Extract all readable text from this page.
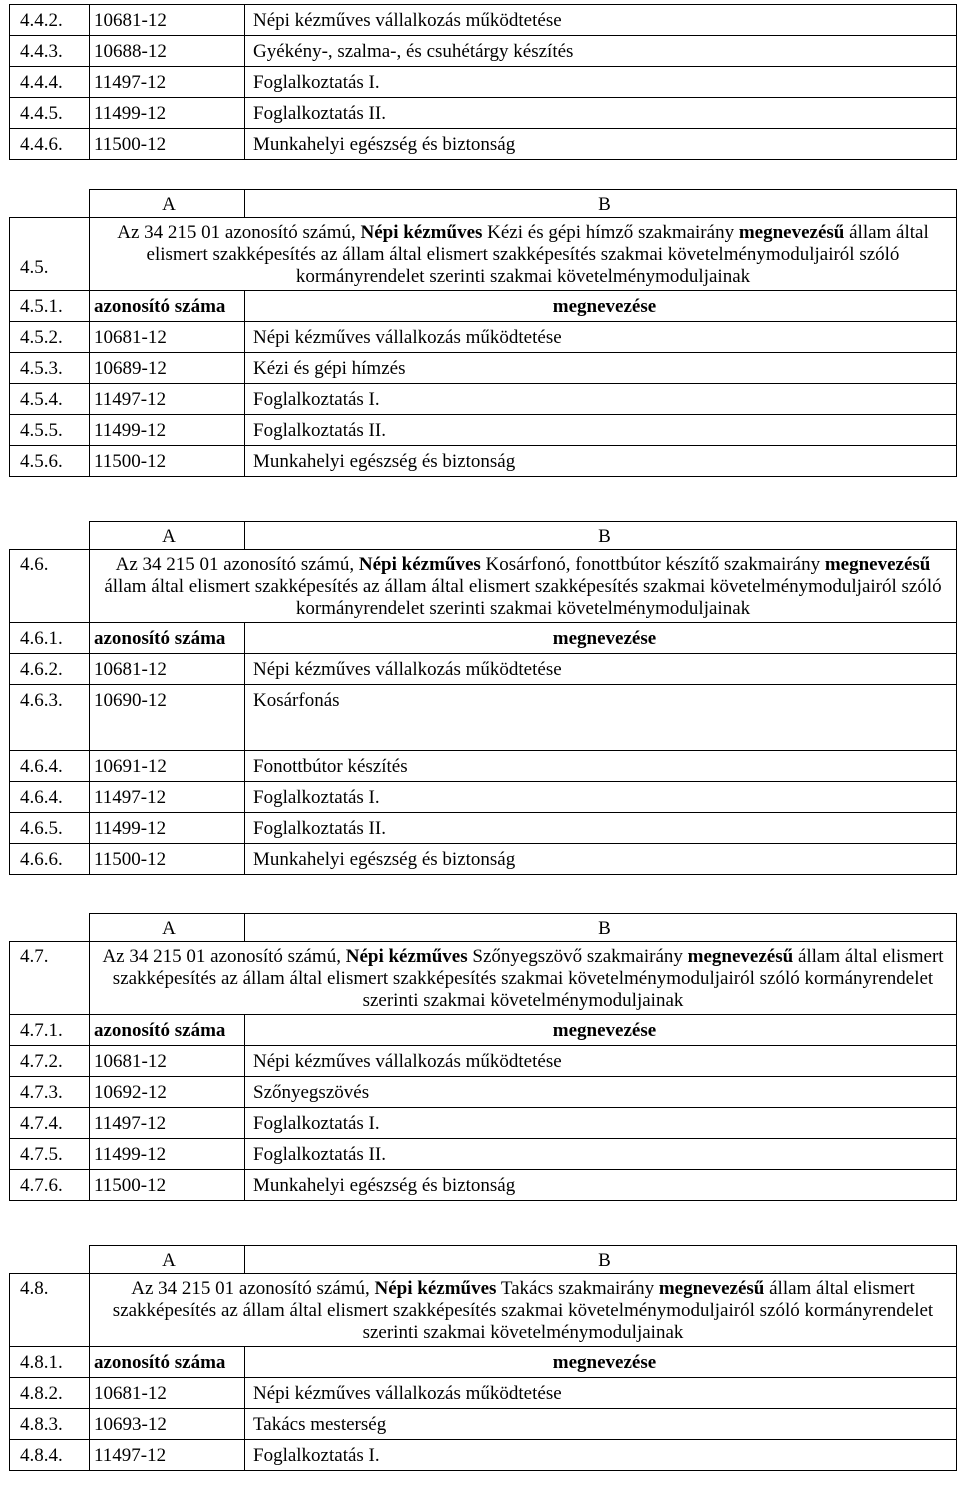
4.4.2.	10681-12	Népi kézműves vállalkozás működtetése
4.4.3.	10688-12	Gyékény-, szalma-, és csuhétárgy készítés
4.4.4.	11497-12	Foglalkoztatás I.
4.4.5.	11499-12	Foglalkoztatás II.
4.4.6.	11500-12	Munkahelyi egészség és biztonság
	A	B
4.5.	Az 34 215 01 azonosító számú, Népi kézműves Kézi és gépi hímző szakmairány megnevezésű állam által elismert szakképesítés az állam által elismert szakképesítés szakmai követelménymoduljairól szóló kormányrendelet szerinti szakmai követelménymoduljainak	
4.5.1.	azonosító száma	megnevezése
4.5.2.	10681-12	Népi kézműves vállalkozás működtetése
4.5.3.	10689-12	Kézi és gépi hímzés
4.5.4.	11497-12	Foglalkoztatás I.
4.5.5.	11499-12	Foglalkoztatás II.
4.5.6.	11500-12	Munkahelyi egészség és biztonság
	A	B
4.6.	Az 34 215 01 azonosító számú, Népi kézműves Kosárfonó, fonottbútor készítő szakmairány megnevezésű állam által elismert szakképesítés az állam által elismert szakképesítés szakmai követelménymoduljairól szóló kormányrendelet szerinti szakmai követelménymoduljainak	
4.6.1.	azonosító száma	megnevezése
4.6.2.	10681-12	Népi kézműves vállalkozás működtetése
4.6.3.	10690-12	Kosárfonás
4.6.4.	10691-12	Fonottbútor készítés
4.6.4.	11497-12	Foglalkoztatás I.
4.6.5.	11499-12	Foglalkoztatás II.
4.6.6.	11500-12	Munkahelyi egészség és biztonság
	A	B
4.7.	Az 34 215 01 azonosító számú, Népi kézműves Szőnyegszövő szakmairány megnevezésű állam által elismert szakképesítés az állam által elismert szakképesítés szakmai követelménymoduljairól szóló kormányrendelet szerinti szakmai követelménymoduljainak	
4.7.1.	azonosító száma	megnevezése
4.7.2.	10681-12	Népi kézműves vállalkozás működtetése
4.7.3.	10692-12	Szőnyegszövés
4.7.4.	11497-12	Foglalkoztatás I.
4.7.5.	11499-12	Foglalkoztatás II.
4.7.6.	11500-12	Munkahelyi egészség és biztonság
	A	B
4.8.	Az 34 215 01 azonosító számú, Népi kézműves Takács szakmairány megnevezésű állam által elismert szakképesítés az állam által elismert szakképesítés szakmai követelménymoduljairól szóló kormányrendelet szerinti szakmai követelménymoduljainak	
4.8.1.	azonosító száma	megnevezése
4.8.2.	10681-12	Népi kézműves vállalkozás működtetése
4.8.3.	10693-12	Takács mesterség
4.8.4.	11497-12	Foglalkoztatás I.
